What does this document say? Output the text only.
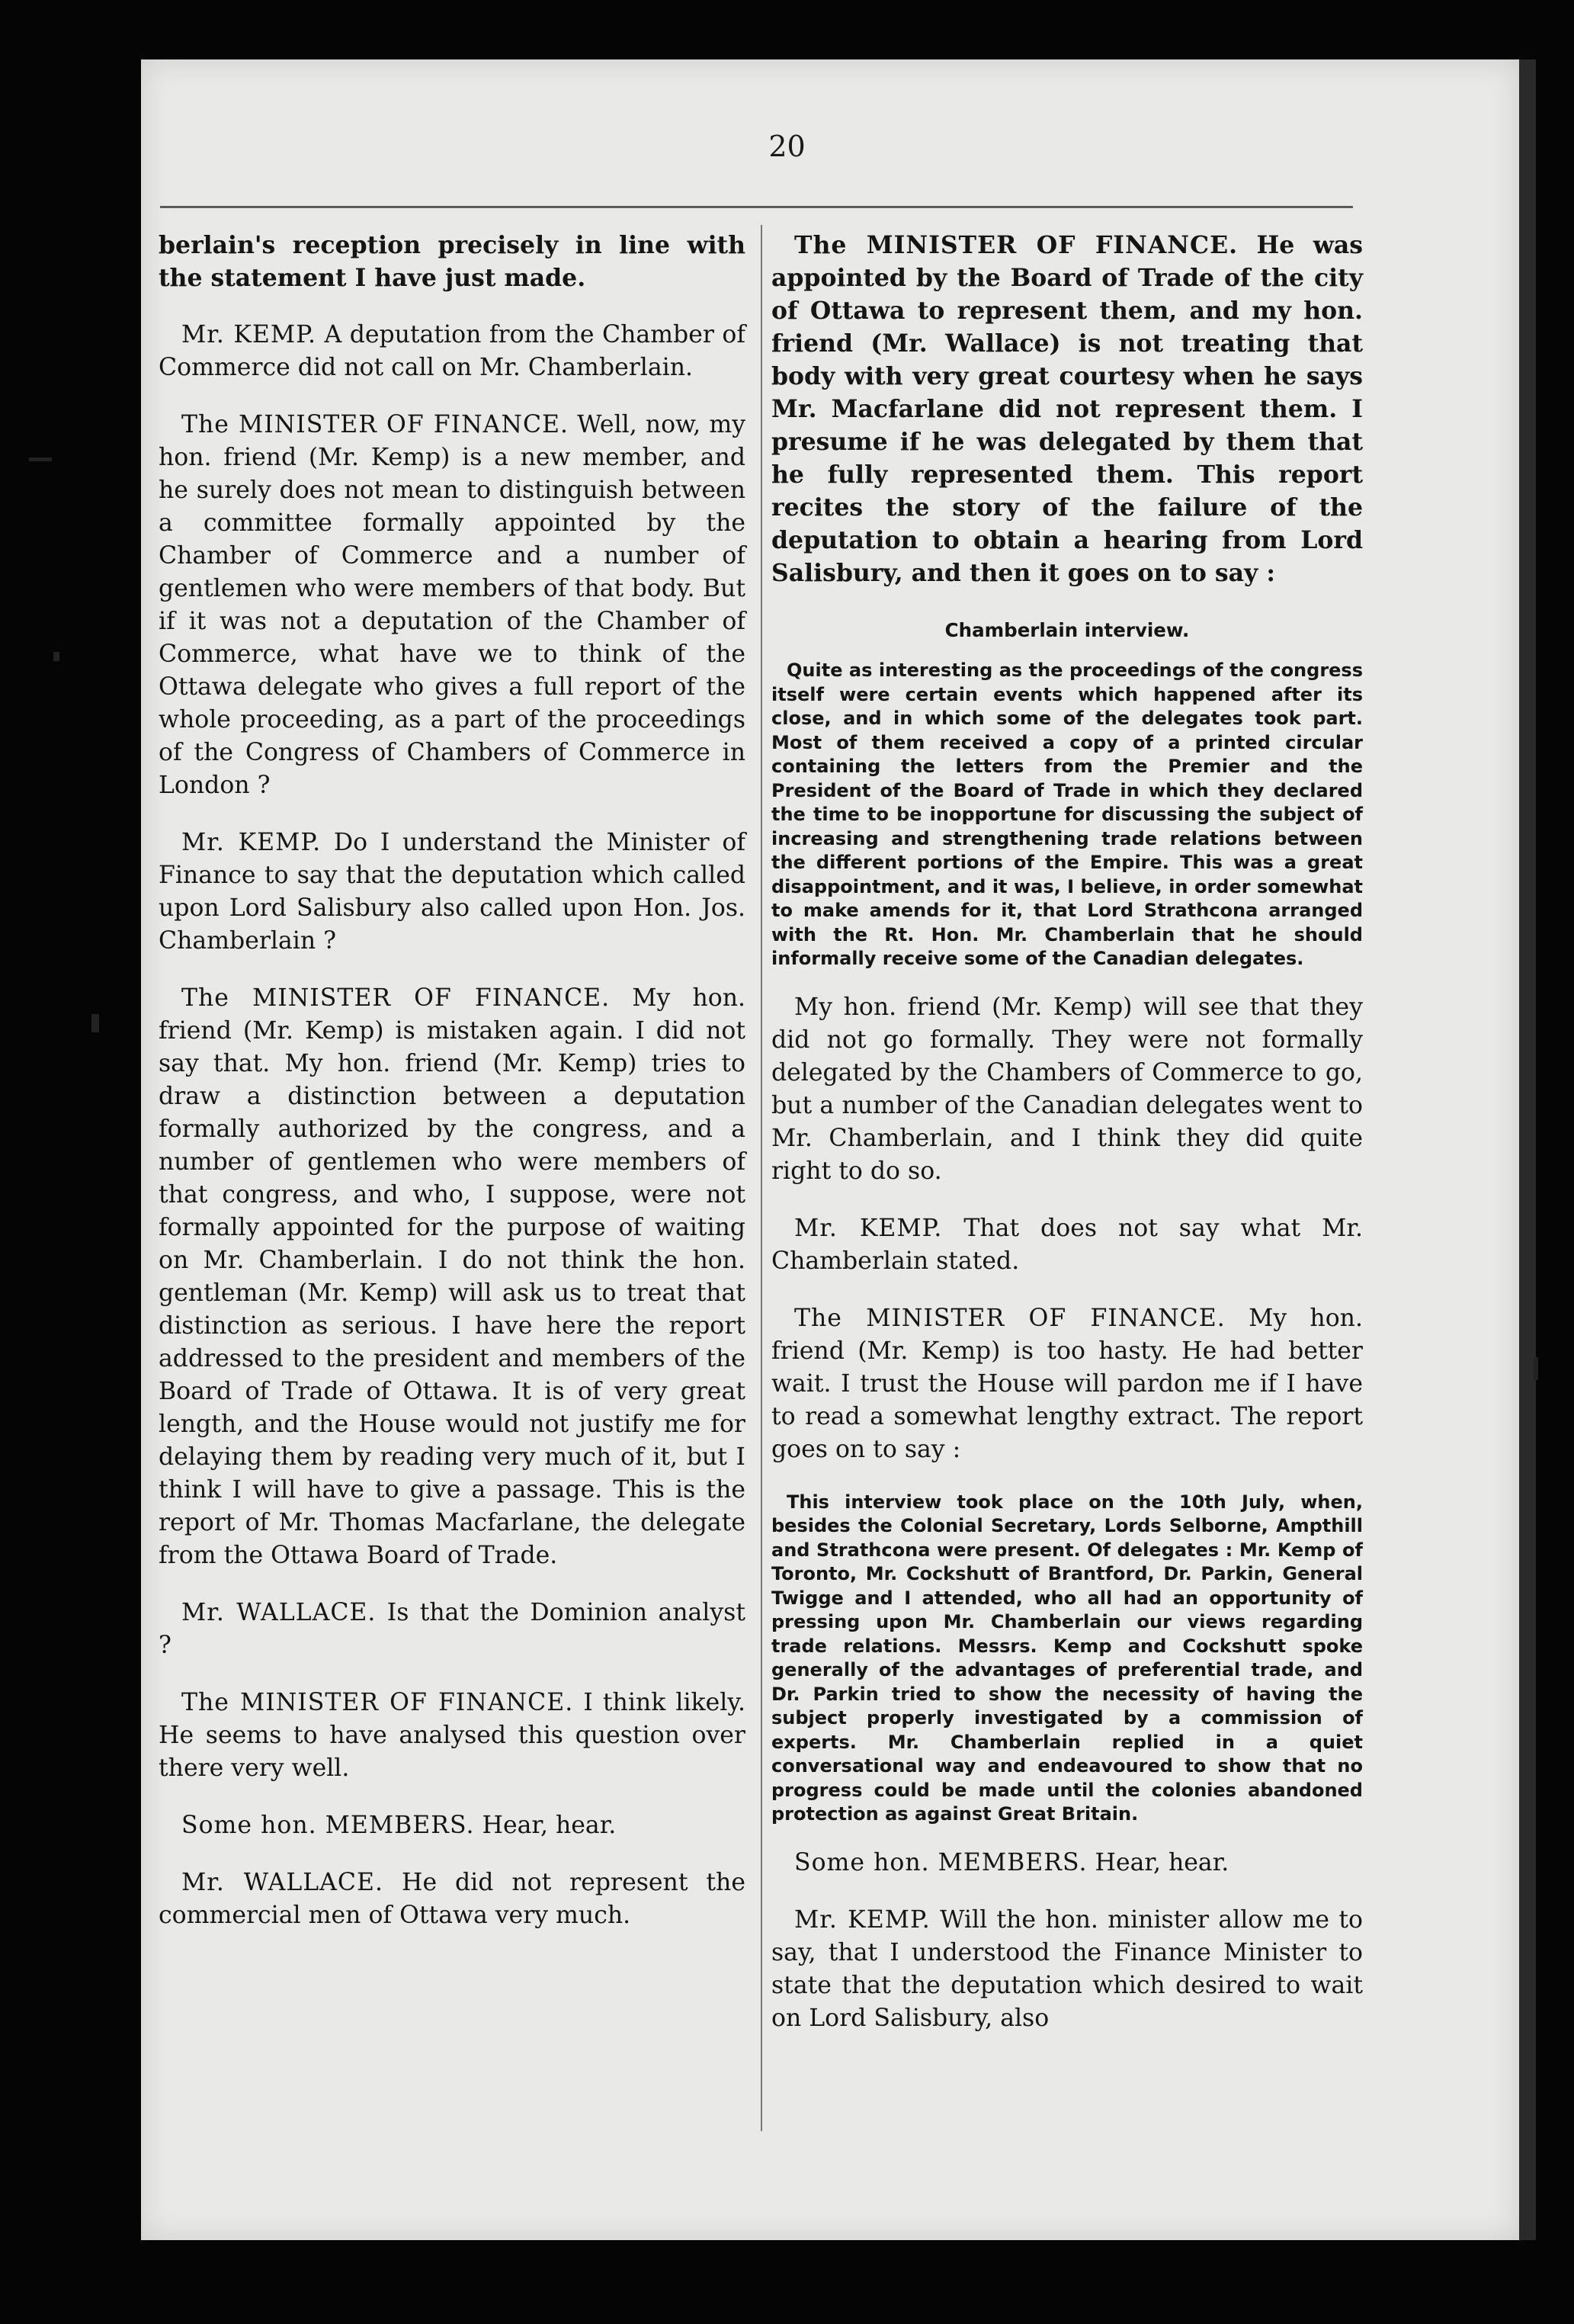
20

berlain's reception precisely in line with the statement I have just made.

Mr. KEMP. A deputation from the Chamber of Commerce did not call on Mr. Chamberlain.

The MINISTER OF FINANCE. Well, now, my hon. friend (Mr. Kemp) is a new member, and he surely does not mean to distinguish between a committee formally appointed by the Chamber of Commerce and a number of gentlemen who were members of that body. But if it was not a deputation of the Chamber of Commerce, what have we to think of the Ottawa delegate who gives a full report of the whole proceeding, as a part of the proceedings of the Congress of Chambers of Commerce in London ?

Mr. KEMP. Do I understand the Minister of Finance to say that the deputation which called upon Lord Salisbury also called upon Hon. Jos. Chamberlain ?

The MINISTER OF FINANCE. My hon. friend (Mr. Kemp) is mistaken again. I did not say that. My hon. friend (Mr. Kemp) tries to draw a distinction between a deputation formally authorized by the congress, and a number of gentlemen who were members of that congress, and who, I suppose, were not formally appointed for the purpose of waiting on Mr. Chamberlain. I do not think the hon. gentleman (Mr. Kemp) will ask us to treat that distinction as serious. I have here the report addressed to the president and members of the Board of Trade of Ottawa. It is of very great length, and the House would not justify me for delaying them by reading very much of it, but I think I will have to give a passage. This is the report of Mr. Thomas Macfarlane, the delegate from the Ottawa Board of Trade.

Mr. WALLACE. Is that the Dominion analyst ?

The MINISTER OF FINANCE. I think likely. He seems to have analysed this question over there very well.

Some hon. MEMBERS. Hear, hear.

Mr. WALLACE. He did not represent the commercial men of Ottawa very much.

The MINISTER OF FINANCE. He was appointed by the Board of Trade of the city of Ottawa to represent them, and my hon. friend (Mr. Wallace) is not treating that body with very great courtesy when he says Mr. Macfarlane did not represent them. I presume if he was delegated by them that he fully represented them. This report recites the story of the failure of the deputation to obtain a hearing from Lord Salisbury, and then it goes on to say :

Chamberlain interview.

Quite as interesting as the proceedings of the congress itself were certain events which happened after its close, and in which some of the delegates took part. Most of them received a copy of a printed circular containing the letters from the Premier and the President of the Board of Trade in which they declared the time to be inopportune for discussing the subject of increasing and strengthening trade relations between the different portions of the Empire. This was a great disappointment, and it was, I believe, in order somewhat to make amends for it, that Lord Strathcona arranged with the Rt. Hon. Mr. Chamberlain that he should informally receive some of the Canadian delegates.

My hon. friend (Mr. Kemp) will see that they did not go formally. They were not formally delegated by the Chambers of Commerce to go, but a number of the Canadian delegates went to Mr. Chamberlain, and I think they did quite right to do so.

Mr. KEMP. That does not say what Mr. Chamberlain stated.

The MINISTER OF FINANCE. My hon. friend (Mr. Kemp) is too hasty. He had better wait. I trust the House will pardon me if I have to read a somewhat lengthy extract. The report goes on to say :

This interview took place on the 10th July, when, besides the Colonial Secretary, Lords Selborne, Ampthill and Strathcona were present. Of delegates : Mr. Kemp of Toronto, Mr. Cockshutt of Brantford, Dr. Parkin, General Twigge and I attended, who all had an opportunity of pressing upon Mr. Chamberlain our views regarding trade relations. Messrs. Kemp and Cockshutt spoke generally of the advantages of preferential trade, and Dr. Parkin tried to show the necessity of having the subject properly investigated by a commission of experts. Mr. Chamberlain replied in a quiet conversational way and endeavoured to show that no progress could be made until the colonies abandoned protection as against Great Britain.

Some hon. MEMBERS. Hear, hear.

Mr. KEMP. Will the hon. minister allow me to say, that I understood the Finance Minister to state that the deputation which desired to wait on Lord Salisbury, also
